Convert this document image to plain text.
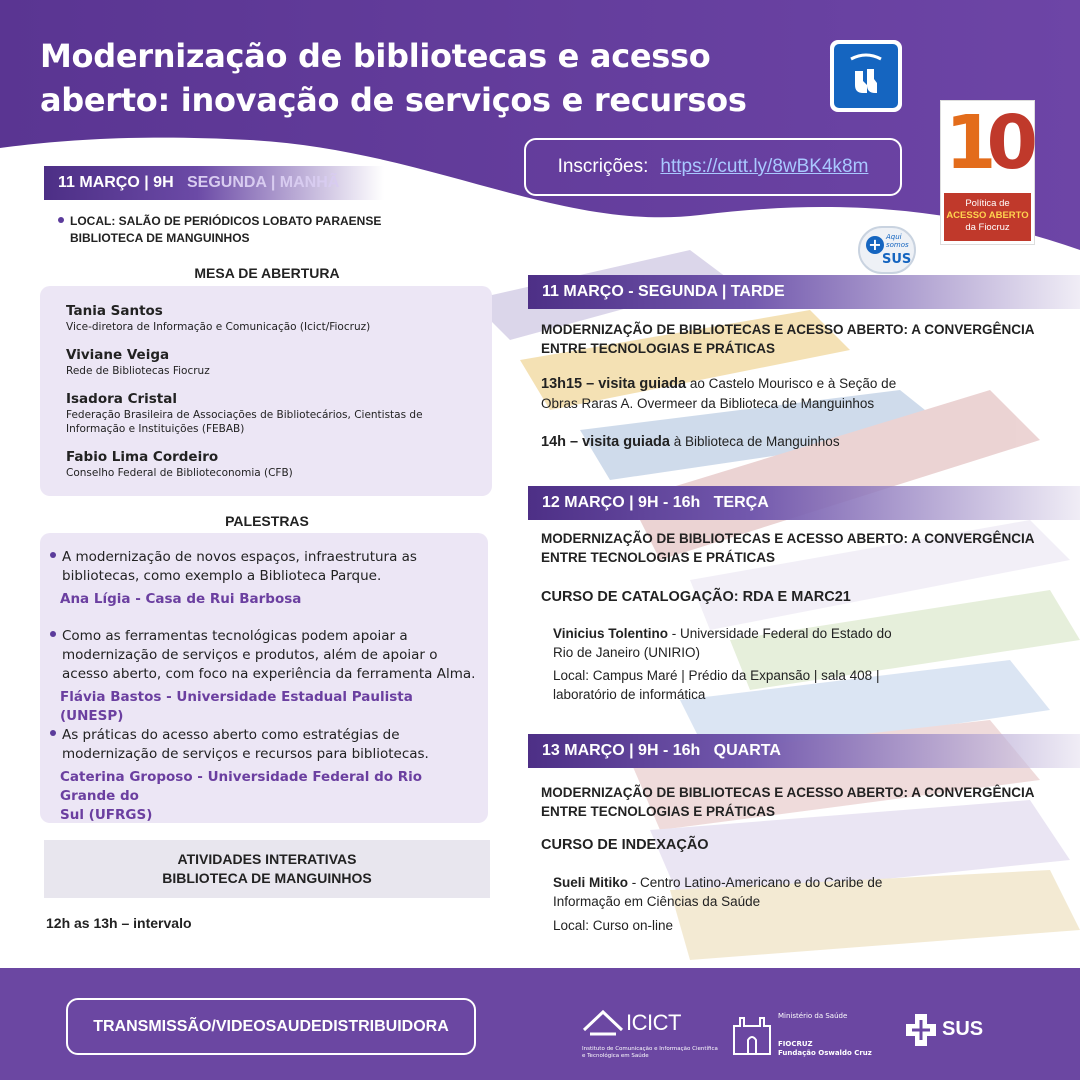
Modernização de bibliotecas e acesso aberto: inovação de serviços e recursos	10
ANOS
Política de
ACESSO ABERTO
da Fiocruz
Inscrições: https://cutt.ly/8wBK4k8m
+ Aqui somos
SUS
11 MARÇO | 9H
SEGUNDA | MANHÃ
LOCAL: SALÃO DE PERIÓDICOS LOBATO PARAENSE
BIBLIOTECA DE MANGUINHOS
MESA DE ABERTURA
Tania Santos
Vice-diretora de Informação e Comunicação (Icict/Fiocruz)
Viviane Veiga
Rede de Bibliotecas Fiocruz
Isadora Cristal
Federação Brasileira de Associações de Bibliotecários, Cientistas de
Informação e Instituições (FEBAB)
Fabio Lima Cordeiro
Conselho Federal de Biblioteconomia (CFB)
PALESTRAS
A modernização de novos espaços, infraestrutura as
bibliotecas, como exemplo a Biblioteca Parque.
Ana Lígia - Casa de Rui Barbosa
Como as ferramentas tecnológicas podem apoiar a
modernização de serviços e produtos, além de apoiar o
acesso aberto, com foco na experiência da ferramenta Alma.
Flávia Bastos - Universidade Estadual Paulista (UNESP)
As práticas do acesso aberto como estratégias de
modernização de serviços e recursos para bibliotecas.
Caterina Groposo - Universidade Federal do Rio Grande do
Sul (UFRGS)
ATIVIDADES INTERATIVAS
BIBLIOTECA DE MANGUINHOS
12h as 13h – intervalo
11 MARÇO - SEGUNDA | TARDE
MODERNIZAÇÃO DE BIBLIOTECAS E ACESSO ABERTO: A CONVERGÊNCIA
ENTRE TECNOLOGIAS E PRÁTICAS
13h15 – visita guiada ao Castelo Mourisco e à Seção de
Obras Raras A. Overmeer da Biblioteca de Manguinhos
14h – visita guiada à Biblioteca de Manguinhos
12 MARÇO | 9H - 16h
TERÇA
MODERNIZAÇÃO DE BIBLIOTECAS E ACESSO ABERTO: A CONVERGÊNCIA
ENTRE TECNOLOGIAS E PRÁTICAS
CURSO DE CATALOGAÇÃO: RDA E MARC21
Vinicius Tolentino - Universidade Federal do Estado do
Rio de Janeiro (UNIRIO)
Local: Campus Maré | Prédio da Expansão | sala 408 |
laboratório de informática
13 MARÇO | 9H - 16h
QUARTA
MODERNIZAÇÃO DE BIBLIOTECAS E ACESSO ABERTO: A CONVERGÊNCIA
ENTRE TECNOLOGIAS E PRÁTICAS
CURSO DE INDEXAÇÃO
Sueli Mitiko - Centro Latino-Americano e do Caribe de
Informação em Ciências da Saúde
Local: Curso on-line
TRANSMISSÃO/VIDEOSAUDEDISTRIBUIDORA	ICICT
Instituto de Comunicação e Informação Científica e Tecnológica em Saúde
Ministério da Saúde
FIOCRUZ
Fundação Oswaldo Cruz
SUS
